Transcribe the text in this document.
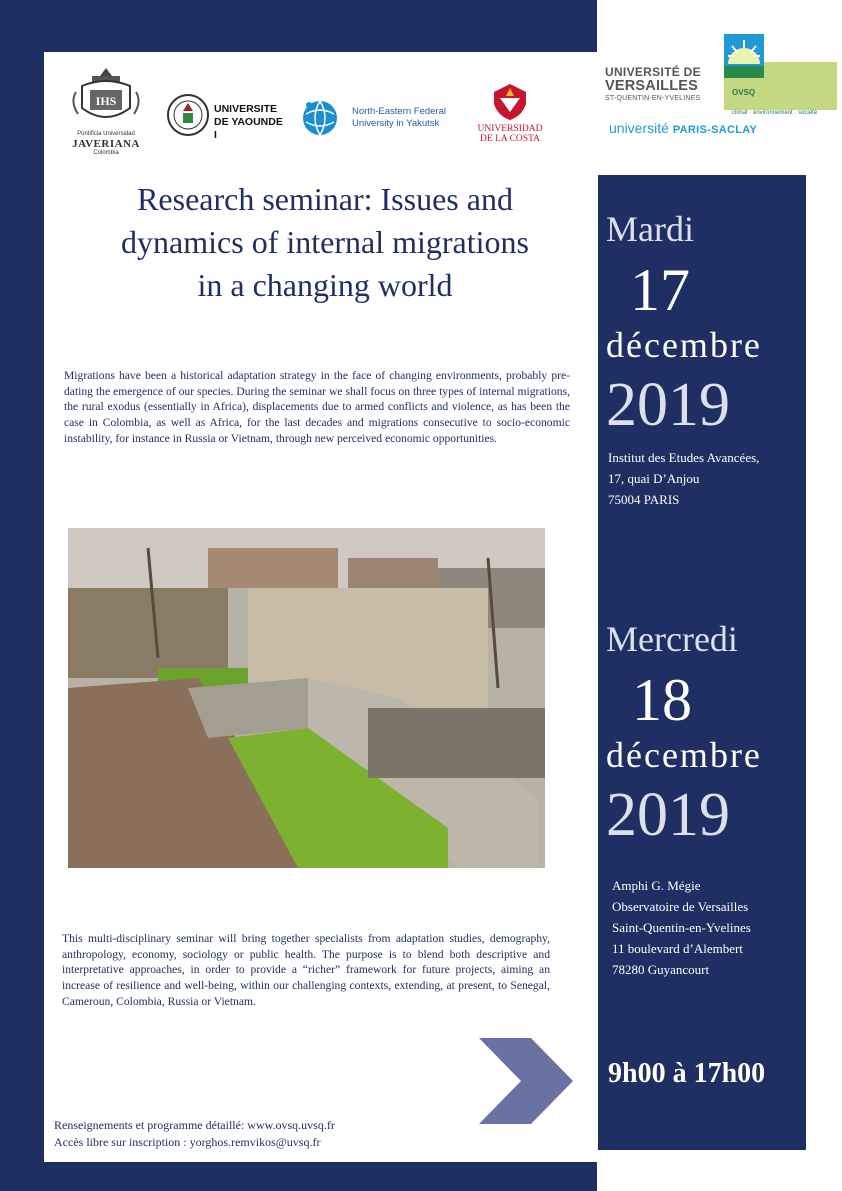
IHS
Pontificia Universidad
JAVERIANA
Colombia
UNIVERSITE
DE YAOUNDE I
North-Eastern Federal
University in Yakutsk	UNIVERSIDAD
DE LA COSTA
UNIVERSITÉ DE
VERSAILLES
ST-QUENTIN-EN-YVELINES
OVSQ
climat · environnement · société
université PARIS-SACLAY
Research seminar: Issues and
dynamics of internal migrations
in a changing world

Migrations have been a historical adaptation strategy in the face of changing environments, probably pre-dating the emergence of our species. During the seminar we shall focus on three types of internal migrations, the rural exodus (essentially in Africa), displacements due to armed conflicts and violence, as has been the case in Colombia, as well as Africa, for the last decades and migrations consecutive to socio-economic instability, for instance in Russia or Vietnam, through new perceived economic opportunities.

This multi-disciplinary seminar will bring together specialists from adaptation studies, demography, anthropology, economy, sociology or public health. The purpose is to blend both descriptive and interpretative approaches, in order to provide a “richer” framework for future projects, aiming an increase of resilience and well-being, within our challenging contexts, extending, at present, to Senegal, Cameroun, Colombia, Russia or Vietnam.

Mardi
17
décembre
2019
Institut des Etudes Avancées,
17, quai D’Anjou
75004 PARIS
Mercredi
18
décembre
2019
Amphi G. Mégie
Observatoire de Versailles
Saint-Quentin-en-Yvelines
11 boulevard d’Alembert
78280 Guyancourt
9h00 à 17h00
Renseignements et programme détaillé: www.ovsq.uvsq.fr
Accès libre sur inscription : yorghos.remvikos@uvsq.fr
